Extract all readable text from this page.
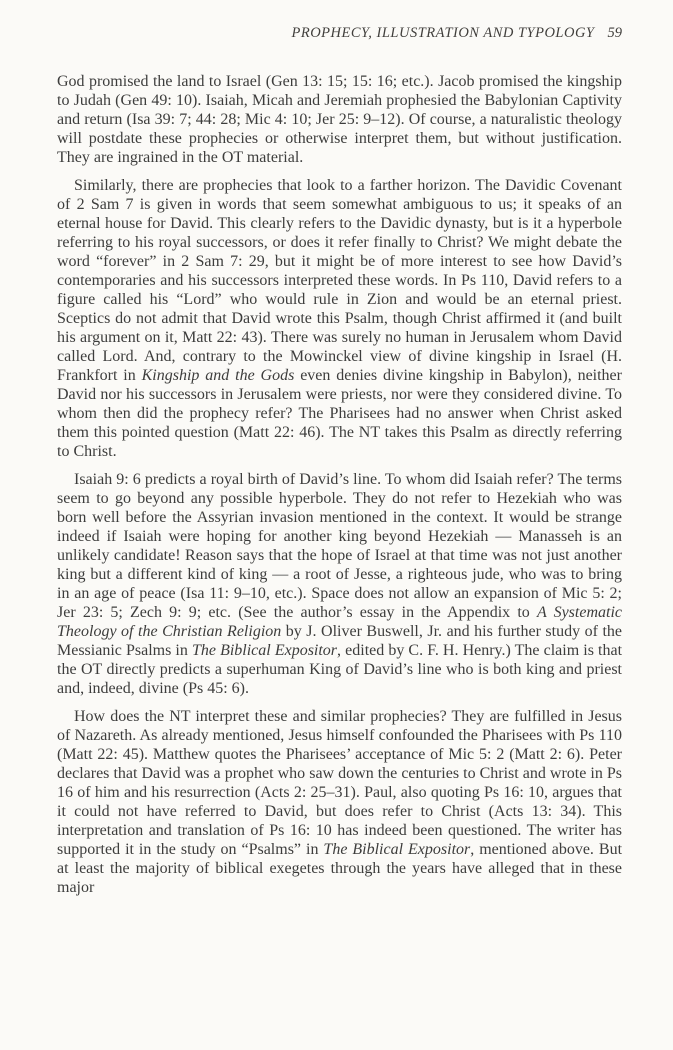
PROPHECY, ILLUSTRATION AND TYPOLOGY 59

God promised the land to Israel (Gen 13: 15; 15: 16; etc.). Jacob promised the kingship to Judah (Gen 49: 10). Isaiah, Micah and Jeremiah prophesied the Babylonian Captivity and return (Isa 39: 7; 44: 28; Mic 4: 10; Jer 25: 9–12). Of course, a naturalistic theology will postdate these prophecies or otherwise interpret them, but without justification. They are ingrained in the OT material.

Similarly, there are prophecies that look to a farther horizon. The Davidic Covenant of 2 Sam 7 is given in words that seem somewhat ambiguous to us; it speaks of an eternal house for David. This clearly refers to the Davidic dynasty, but is it a hyperbole referring to his royal successors, or does it refer finally to Christ? We might debate the word “forever” in 2 Sam 7: 29, but it might be of more interest to see how David’s contemporaries and his successors interpreted these words. In Ps 110, David refers to a figure called his “Lord” who would rule in Zion and would be an eternal priest. Sceptics do not admit that David wrote this Psalm, though Christ affirmed it (and built his argument on it, Matt 22: 43). There was surely no human in Jerusalem whom David called Lord. And, contrary to the Mowinckel view of divine kingship in Israel (H. Frankfort in Kingship and the Gods even denies divine kingship in Babylon), neither David nor his successors in Jerusalem were priests, nor were they considered divine. To whom then did the prophecy refer? The Pharisees had no answer when Christ asked them this pointed question (Matt 22: 46). The NT takes this Psalm as directly referring to Christ.

Isaiah 9: 6 predicts a royal birth of David’s line. To whom did Isaiah refer? The terms seem to go beyond any possible hyperbole. They do not refer to Hezekiah who was born well before the Assyrian invasion mentioned in the context. It would be strange indeed if Isaiah were hoping for another king beyond Hezekiah — Manasseh is an unlikely candidate! Reason says that the hope of Israel at that time was not just another king but a different kind of king — a root of Jesse, a righteous jude, who was to bring in an age of peace (Isa 11: 9–10, etc.). Space does not allow an expansion of Mic 5: 2; Jer 23: 5; Zech 9: 9; etc. (See the author’s essay in the Appendix to A Systematic Theology of the Christian Religion by J. Oliver Buswell, Jr. and his further study of the Messianic Psalms in The Biblical Expositor, edited by C. F. H. Henry.) The claim is that the OT directly predicts a superhuman King of David’s line who is both king and priest and, indeed, divine (Ps 45: 6).

How does the NT interpret these and similar prophecies? They are fulfilled in Jesus of Nazareth. As already mentioned, Jesus himself confounded the Pharisees with Ps 110 (Matt 22: 45). Matthew quotes the Pharisees’ acceptance of Mic 5: 2 (Matt 2: 6). Peter declares that David was a prophet who saw down the centuries to Christ and wrote in Ps 16 of him and his resurrection (Acts 2: 25–31). Paul, also quoting Ps 16: 10, argues that it could not have referred to David, but does refer to Christ (Acts 13: 34). This interpretation and translation of Ps 16: 10 has indeed been questioned. The writer has supported it in the study on “Psalms” in The Biblical Expositor, mentioned above. But at least the majority of biblical exegetes through the years have alleged that in these major
